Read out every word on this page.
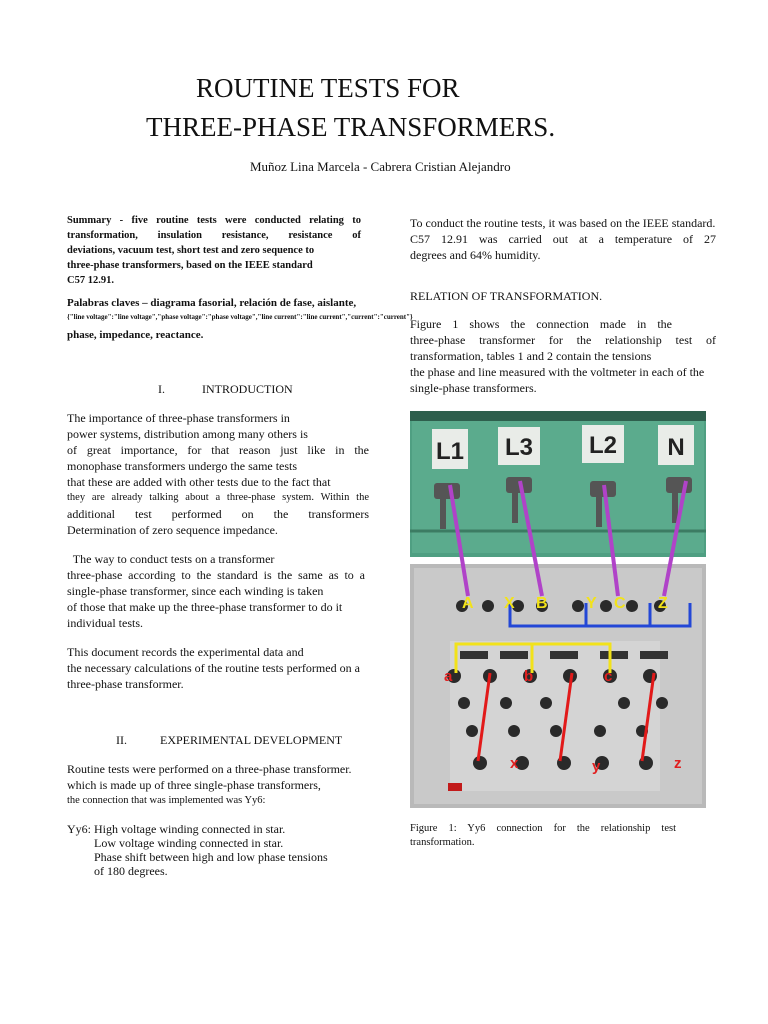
ROUTINE TESTS FOR
THREE-PHASE TRANSFORMERS.
Muñoz Lina Marcela - Cabrera Cristian Alejandro

Summary - five routine tests were conducted relating to

transformation, insulation resistance, resistance of

deviations, vacuum test, short test and zero sequence to

three-phase transformers, based on the IEEE standard

C57 12.91.

Palabras claves – diagrama fasorial, relación de fase, aislante,
{"line voltage":"line voltage","phase voltage":"phase voltage","line current":"line current","current":"current"}
phase, impedance, reactance.
I.	INTRODUCTION

The importance of three-phase transformers in

power systems, distribution among many others is

of great importance, for that reason just like in the

monophase transformers undergo the same tests

that these are added with other tests due to the fact that

they are already talking about a three-phase system. Within the

additional test performed on the transformers

Determination of zero sequence impedance.

The way to conduct tests on a transformer

three-phase according to the standard is the same as to a

single-phase transformer, since each winding is taken

of those that make up the three-phase transformer to do it

individual tests.

This document records the experimental data and

the necessary calculations of the routine tests performed on a

three-phase transformer.

II.	EXPERIMENTAL DEVELOPMENT

Routine tests were performed on a three-phase transformer.

which is made up of three single-phase transformers,

the connection that was implemented was Yy6:

Yy6: High voltage winding connected in star.

Low voltage winding connected in star.

Phase shift between high and low phase tensions

of 180 degrees.

To conduct the routine tests, it was based on the IEEE standard.

C57 12.91 was carried out at a temperature of 27

degrees and 64% humidity.

RELATION OF TRANSFORMATION.

Figure 1 shows the connection made in the

three-phase transformer for the relationship test of

transformation, tables 1 and 2 contain the tensions

the phase and line measured with the voltmeter in each of the

single-phase transformers.

L1 L3 L2 N
A X B Y C Z
a	b	c
x	y	z
Figure 1: Yy6 connection for the relationship test transformation.
